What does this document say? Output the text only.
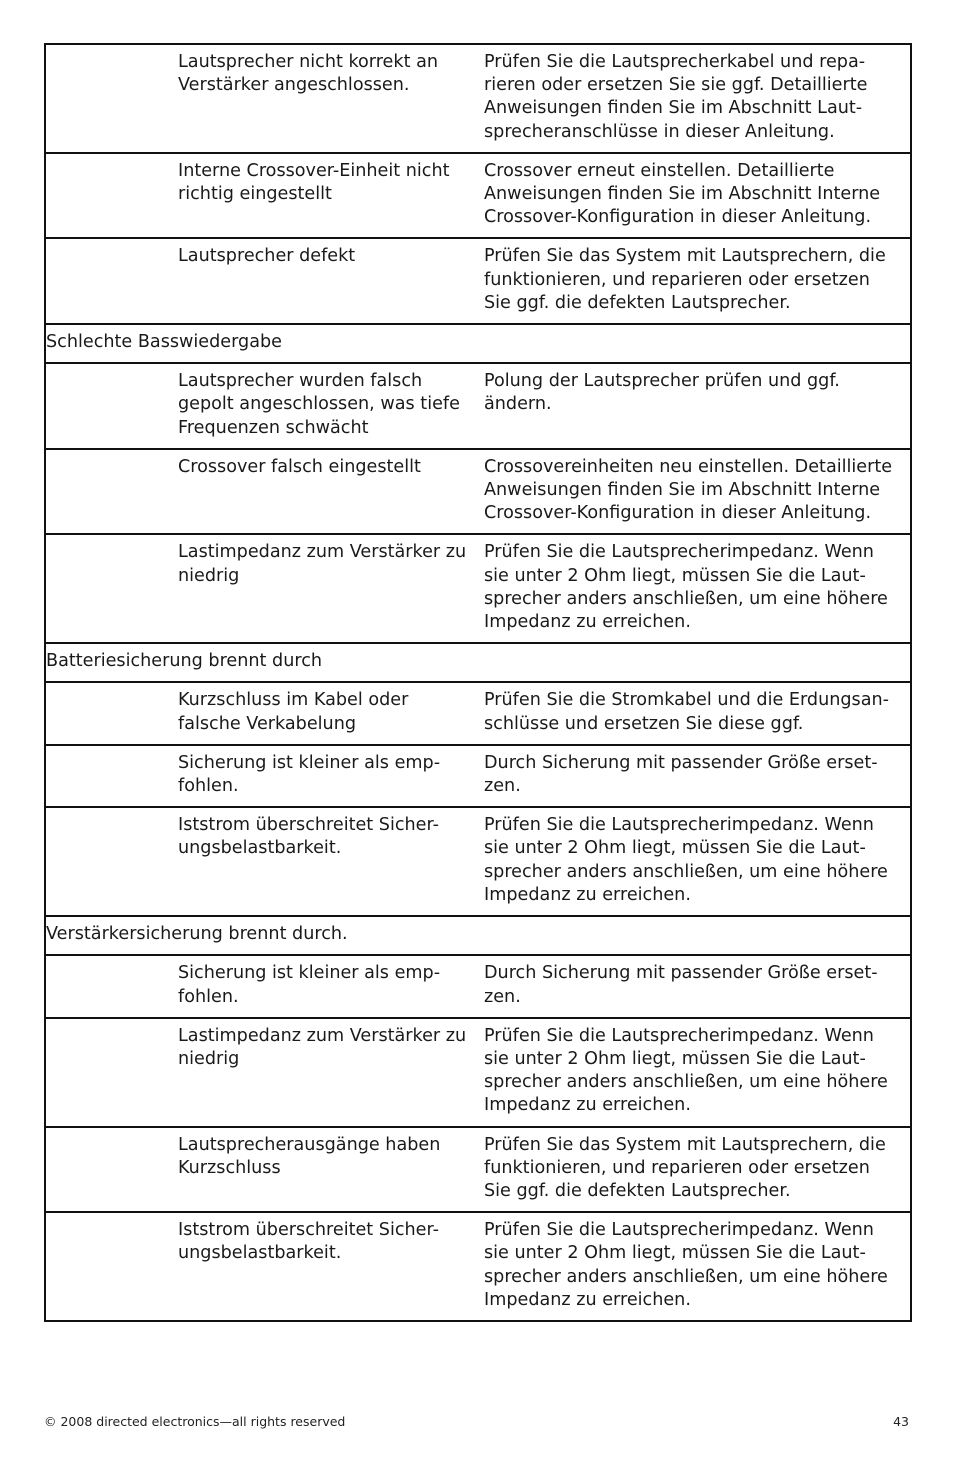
	Lautsprecher nicht korrekt an Verstärker angeschlossen.	Prüfen Sie die Lautsprecherkabel und repa-rieren oder ersetzen Sie sie ggf. Detaillierte Anweisungen finden Sie im Abschnitt Laut-sprecheranschlüsse in dieser Anleitung.
	Interne Crossover-Einheit nicht richtig eingestellt	Crossover erneut einstellen. Detaillierte Anweisungen finden Sie im Abschnitt Interne Crossover-Konfiguration in dieser Anleitung.
	Lautsprecher defekt	Prüfen Sie das System mit Lautsprechern, die funktionieren, und reparieren oder ersetzen Sie ggf. die defekten Lautsprecher.
Schlechte Basswiedergabe		
	Lautsprecher wurden falsch gepolt angeschlossen, was tiefe Frequenzen schwächt	Polung der Lautsprecher prüfen und ggf. ändern.
	Crossover falsch eingestellt	Crossovereinheiten neu einstellen. Detaillierte Anweisungen finden Sie im Abschnitt Interne Crossover-Konfiguration in dieser Anleitung.
	Lastimpedanz zum Verstärker zu niedrig	Prüfen Sie die Lautsprecherimpedanz. Wenn sie unter 2 Ohm liegt, müssen Sie die Laut-sprecher anders anschließen, um eine höhere Impedanz zu erreichen.
Batteriesicherung brennt durch		
	Kurzschluss im Kabel oder falsche Verkabelung	Prüfen Sie die Stromkabel und die Erdungsan-schlüsse und ersetzen Sie diese ggf.
	Sicherung ist kleiner als emp-fohlen.	Durch Sicherung mit passender Größe erset-zen.
	Iststrom überschreitet Sicher-ungsbelastbarkeit.	Prüfen Sie die Lautsprecherimpedanz. Wenn sie unter 2 Ohm liegt, müssen Sie die Laut-sprecher anders anschließen, um eine höhere Impedanz zu erreichen.
Verstärkersicherung brennt durch.		
	Sicherung ist kleiner als emp-fohlen.	Durch Sicherung mit passender Größe erset-zen.
	Lastimpedanz zum Verstärker zu niedrig	Prüfen Sie die Lautsprecherimpedanz. Wenn sie unter 2 Ohm liegt, müssen Sie die Laut-sprecher anders anschließen, um eine höhere Impedanz zu erreichen.
	Lautsprecherausgänge haben Kurzschluss	Prüfen Sie das System mit Lautsprechern, die funktionieren, und reparieren oder ersetzen Sie ggf. die defekten Lautsprecher.
	Iststrom überschreitet Sicher-ungsbelastbarkeit.	Prüfen Sie die Lautsprecherimpedanz. Wenn sie unter 2 Ohm liegt, müssen Sie die Laut-sprecher anders anschließen, um eine höhere Impedanz zu erreichen.
© 2008 directed electronics—all rights reserved	43
